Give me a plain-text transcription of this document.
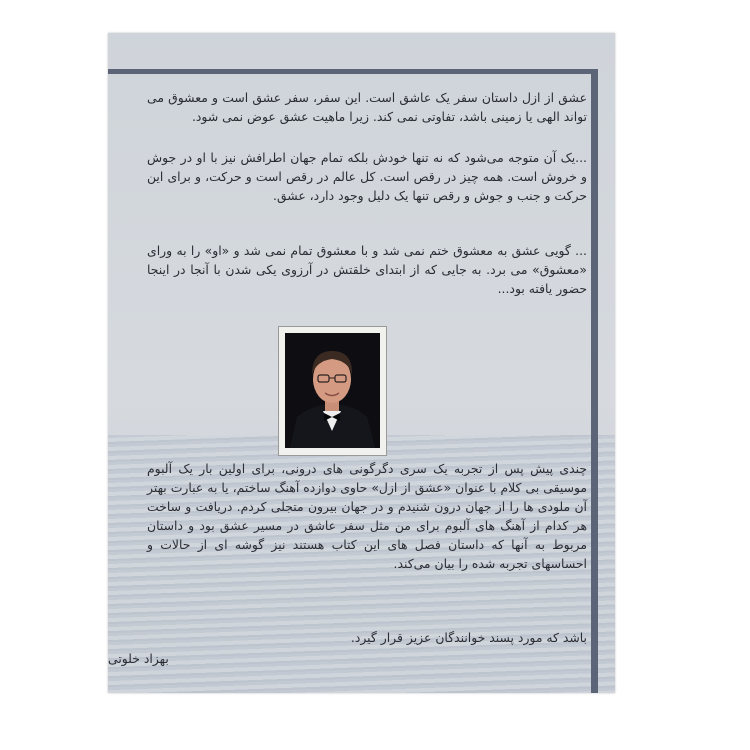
عشق از ازل داستان سفر یک عاشق است. این سفر، سفر عشق است و معشوق می تواند الهی یا زمینی باشد، تفاوتی نمی کند. زیرا ماهیت عشق عوض نمی شود.

...یک آن متوجه می‌شود که نه تنها خودش بلکه تمام جهان اطرافش نیز با او در جوش و خروش است. همه چیز در رقص است. کل عالم در رقص است و حرکت، و برای این حرکت و جنب و جوش و رقص تنها یک دلیل وجود دارد، عشق.

... گویی عشق به معشوق ختم نمی شد و با معشوق تمام نمی شد و «او» را به ورای «معشوق» می برد. به جایی که از ابتدای خلقتش در آرزوی یکی شدن با آنجا در اینجا حضور یافته بود...

چندی پیش پس از تجربه یک سری دگرگونی های درونی، برای اولین بار یک آلبوم موسیقی بی کلام با عنوان «عشق از ازل» حاوی دوازده آهنگ ساختم، یا به عبارت بهتر آن ملودی ها را از جهان درون شنیدم و در جهان بیرون متجلی کردم. دریافت و ساخت هر کدام از آهنگ های آلبوم برای من مثل سفر عاشق در مسیر عشق بود و داستان مربوط به آنها که داستان فصل های این کتاب هستند نیز گوشه ای از حالات و احساسهای تجربه شده را بیان می‌کند.

باشد که مورد پسند خوانندگان عزیز قرار گیرد.

بهزاد خلوتی
